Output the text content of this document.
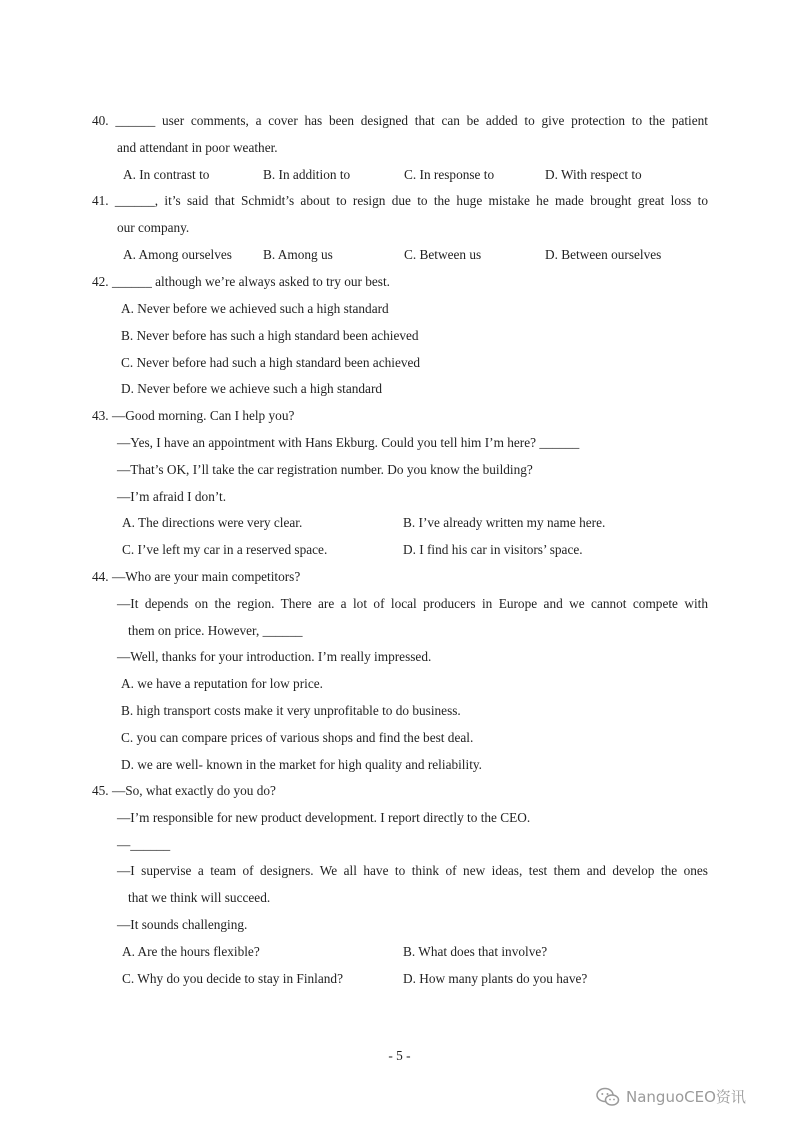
40. ______ user comments, a cover has been designed that can be added to give protection to the patient
and attendant in poor weather.
A. In contrast to	B. In addition to	C. In response to	D. With respect to
41. ______, it’s said that Schmidt’s about to resign due to the huge mistake he made brought great loss to
our company.
A. Among ourselves B. Among us	C. Between us	D. Between ourselves
42. ______ although we’re always asked to try our best.
A. Never before we achieved such a high standard
B. Never before has such a high standard been achieved
C. Never before had such a high standard been achieved
D. Never before we achieve such a high standard
43. —Good morning. Can I help you?
—Yes, I have an appointment with Hans Ekburg. Could you tell him I’m here? ______
—That’s OK, I’ll take the car registration number. Do you know the building?
—I’m afraid I don’t.
A. The directions were very clear.	B. I’ve already written my name here.
C. I’ve left my car in a reserved space.	D. I find his car in visitors’ space.
44. —Who are your main competitors?
—It depends on the region. There are a lot of local producers in Europe and we cannot compete with
them on price. However, ______
—Well, thanks for your introduction. I’m really impressed.
A. we have a reputation for low price.
B. high transport costs make it very unprofitable to do business.
C. you can compare prices of various shops and find the best deal.
D. we are well- known in the market for high quality and reliability.
45. —So, what exactly do you do?
—I’m responsible for new product development. I report directly to the CEO.
—______
—I supervise a team of designers. We all have to think of new ideas, test them and develop the ones
that we think will succeed.
—It sounds challenging.
A. Are the hours flexible?	B. What does that involve?
C. Why do you decide to stay in Finland?	D. How many plants do you have?
- 5 -
NanguoCEO资讯
